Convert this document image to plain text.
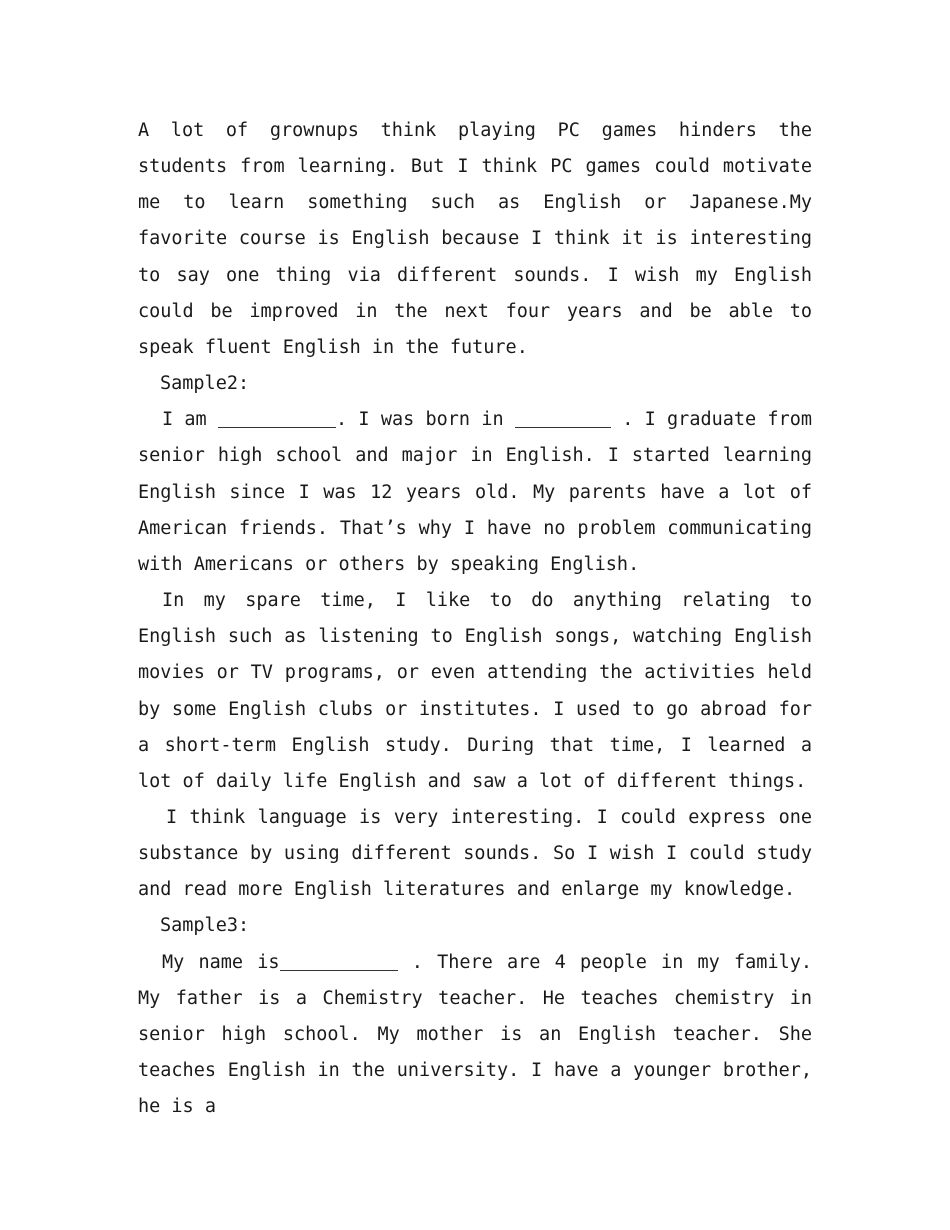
A lot of grownups think playing PC games hinders the students from learning. But I think PC games could motivate me to learn something such as English or Japanese.My favorite course is English because I think it is interesting to say one thing via different sounds. I wish my English could be improved in the next four years and be able to speak fluent English in the future.

Sample2:

I am	. I was born in	. I graduate from senior high school and major in English. I started learning English since I was 12 years old. My parents have a lot of American friends. That’s why I have no problem communicating with Americans or others by speaking English.

In my spare time, I like to do anything relating to English such as listening to English songs, watching English movies or TV programs, or even attending the activities held by some English clubs or institutes. I used to go abroad for a short-term English study. During that time, I learned a lot of daily life English and saw a lot of different things.

I think language is very interesting. I could express one substance by using different sounds. So I wish I could study and read more English literatures and enlarge my knowledge.

Sample3:

My name is	. There are 4 people in my family. My father is a Chemistry teacher. He teaches chemistry in senior high school. My mother is an English teacher. She teaches English in the university. I have a younger brother, he is a
